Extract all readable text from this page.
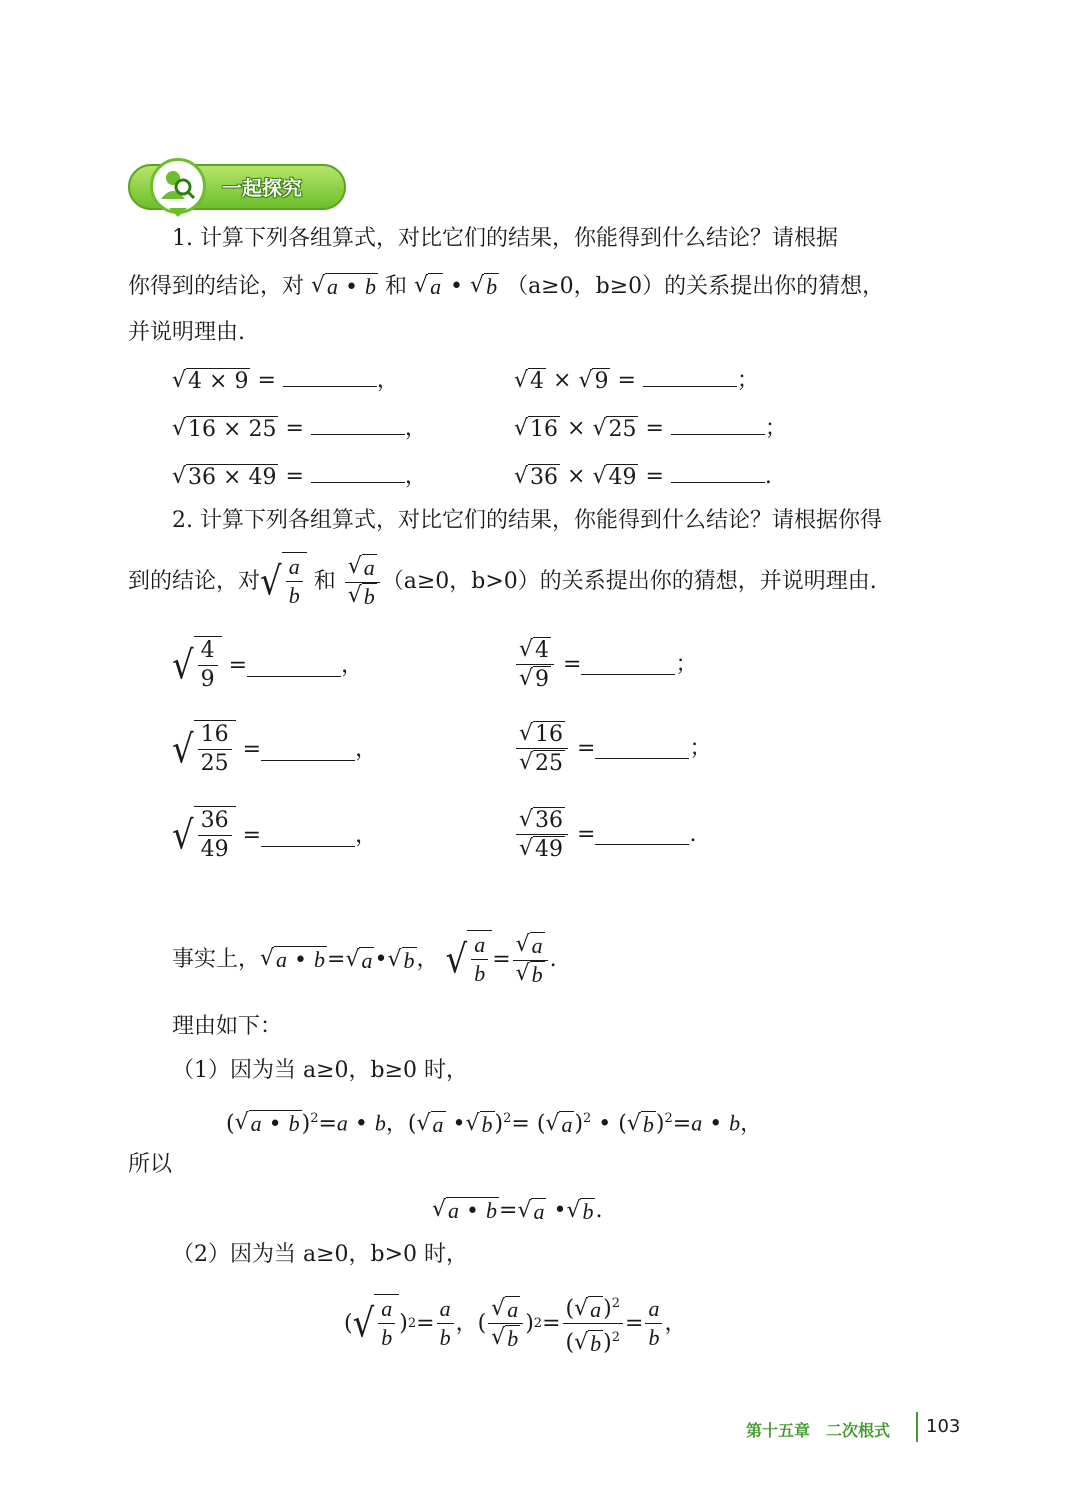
一起探究
1. 计算下列各组算式，对比它们的结果，你能得到什么结论？请根据
你得到的结论，对 √ a • b 和 √ a • √ b （a≥0，b≥0）的关系提出你的猜想，
并说明理由.
√ 4 × 9 =	，	√ 4 × √ 9 =	；
√ 16 × 25 =	，	√ 16 × √ 25 =	；
√ 36 × 49 =	，	√ 36 × √ 49 =	.
2. 计算下列各组算式，对比它们的结果，你能得到什么结论？请根据你得
到的结论，对 √ $\frac{a}{b}$
和
$\frac{√ a}{√ b} (a\ge 0$，b>0）的关系提出你的猜想，并说明理由.
√ $\frac{4}{9}$ =	，	$\frac{√ 4}{√ 9}$ =	；
√ $\frac{16}{25}$ =	，	$\frac{√ 16}{√ 25}$ =	；
√ $\frac{36}{49}$ =	，	$\frac{√ 36}{√ 49}$ =	.
事实上， √ a • b = √ a • √ b ，
√ $\frac{a}{b} = \frac{√ a}{√ b}$ .
理由如下：
（1）因为当 a≥0，b≥0 时，
( √ a • b )$^2$=a • b，( √ a • √ b )$^2$= ( √ a )$^2$ • ( √ b )$^2$=a • b，
所以
√ a • b = √ a • √ b .
（2）因为当 a≥0，b>0 时，
( √ $\frac{a}{b}$ ) $2 = \frac{a}{b}$ ，( $\frac{√ a}{√ b}$ ) $2 = \frac{( √ a )^2}{( √ b )^2} = \frac{a}{b}$ ，
第十五章　二次根式 103
